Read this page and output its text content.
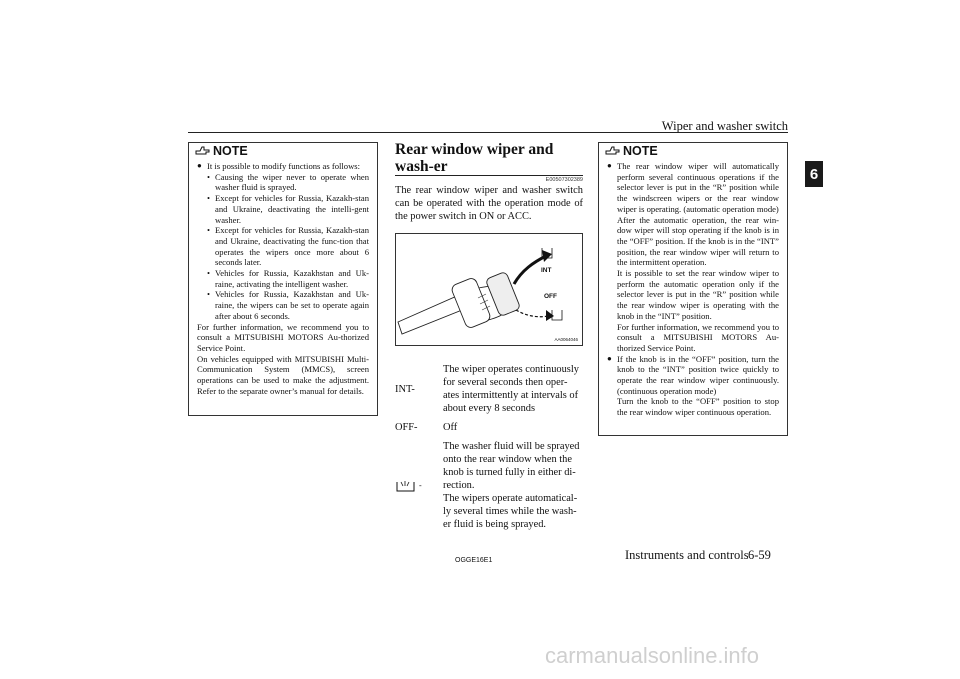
Wiper and washer switch
6
NOTE
● It is possible to modify functions as follows:
• Causing the wiper never to operate when washer fluid is sprayed.
• Except for vehicles for Russia, Kazakh-stan and Ukraine, deactivating the intelli-gent washer.
• Except for vehicles for Russia, Kazakh-stan and Ukraine, deactivating the func-tion that operates the wipers once more about 6 seconds later.
• Vehicles for Russia, Kazakhstan and Uk-raine, activating the intelligent washer.
• Vehicles for Russia, Kazakhstan and Uk-raine, the wipers can be set to operate again after about 6 seconds.

For further information, we recommend you to consult a MITSUBISHI MOTORS Au-thorized Service Point.

On vehicles equipped with MITSUBISHI Multi-Communication System (MMCS), screen operations can be used to make the adjustment. Refer to the separate owner’s manual for details.

Rear window wiper and wash-er
E00507302389
The rear window wiper and washer switch can be operated with the operation mode of the power switch in ON or ACC.
INT
OFF
AA0064046
INT-
The wiper operates continuously for several seconds then oper-ates intermittently at intervals of about every 8 seconds
OFF-	Off
-
The washer fluid will be sprayed onto the rear window when the knob is turned fully in either di-rection.
The wipers operate automatical-ly several times while the wash-er fluid is being sprayed.
NOTE
● The rear window wiper will automatically perform several continuous operations if the selector lever is put in the “R” position while the windscreen wipers or the rear window wiper is operating. (automatic operation mode)

After the automatic operation, the rear win-dow wiper will stop operating if the knob is in the “OFF” position. If the knob is in the “INT” position, the rear window wiper will return to the intermittent operation.

It is possible to set the rear window wiper to perform the automatic operation only if the selector lever is put in the “R” position while the rear window wiper is operating with the knob in the “INT” position.

For further information, we recommend you to consult a MITSUBISHI MOTORS Au-thorized Service Point.

● If the knob is in the “OFF” position, turn the knob to the “INT” position twice quickly to operate the rear window wiper continuously. (continuous operation mode)

Turn the knob to the “OFF” position to stop the rear window wiper continuous operation.

OGGE16E1	Instruments and controls 6-59
carmanualsonline.info
